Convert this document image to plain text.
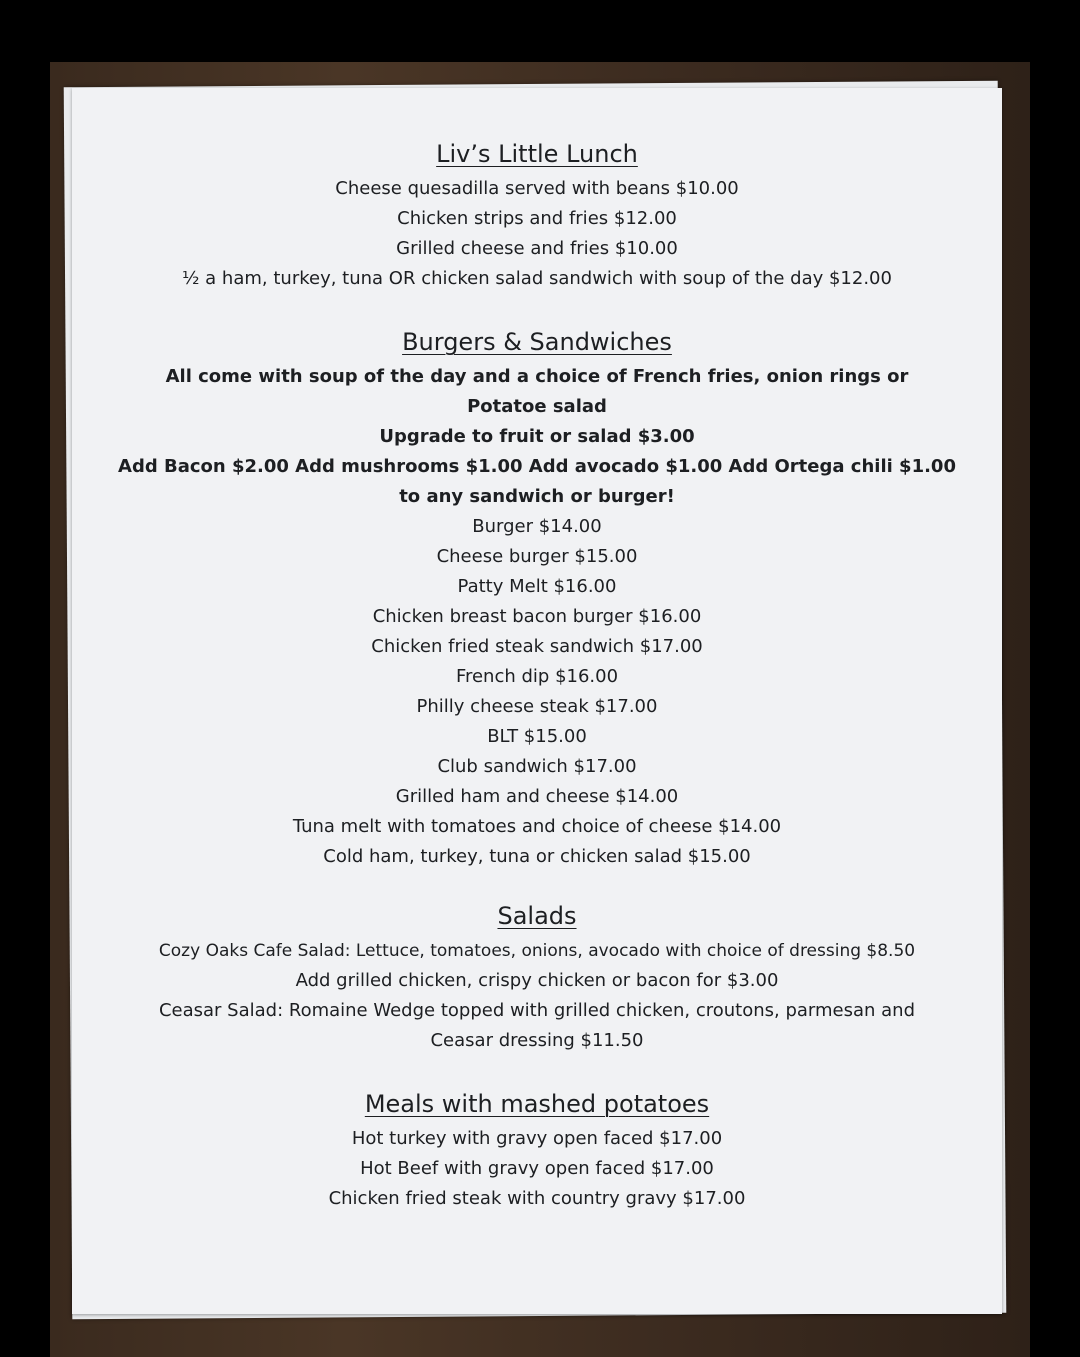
Liv’s Little Lunch
Cheese quesadilla served with beans $10.00
Chicken strips and fries $12.00
Grilled cheese and fries $10.00
½ a ham, turkey, tuna OR chicken salad sandwich with soup of the day $12.00
Burgers & Sandwiches
All come with soup of the day and a choice of French fries, onion rings or Potatoe salad
Upgrade to fruit or salad $3.00
Add Bacon $2.00 Add mushrooms $1.00 Add avocado $1.00 Add Ortega chili $1.00 to any sandwich or burger!
Burger $14.00
Cheese burger $15.00
Patty Melt $16.00
Chicken breast bacon burger $16.00
Chicken fried steak sandwich $17.00
French dip $16.00
Philly cheese steak $17.00
BLT $15.00
Club sandwich $17.00
Grilled ham and cheese $14.00
Tuna melt with tomatoes and choice of cheese $14.00
Cold ham, turkey, tuna or chicken salad $15.00
Salads
Cozy Oaks Cafe Salad: Lettuce, tomatoes, onions, avocado with choice of dressing $8.50
Add grilled chicken, crispy chicken or bacon for $3.00
Ceasar Salad: Romaine Wedge topped with grilled chicken, croutons, parmesan and Ceasar dressing $11.50
Meals with mashed potatoes
Hot turkey with gravy open faced $17.00
Hot Beef with gravy open faced $17.00
Chicken fried steak with country gravy $17.00
